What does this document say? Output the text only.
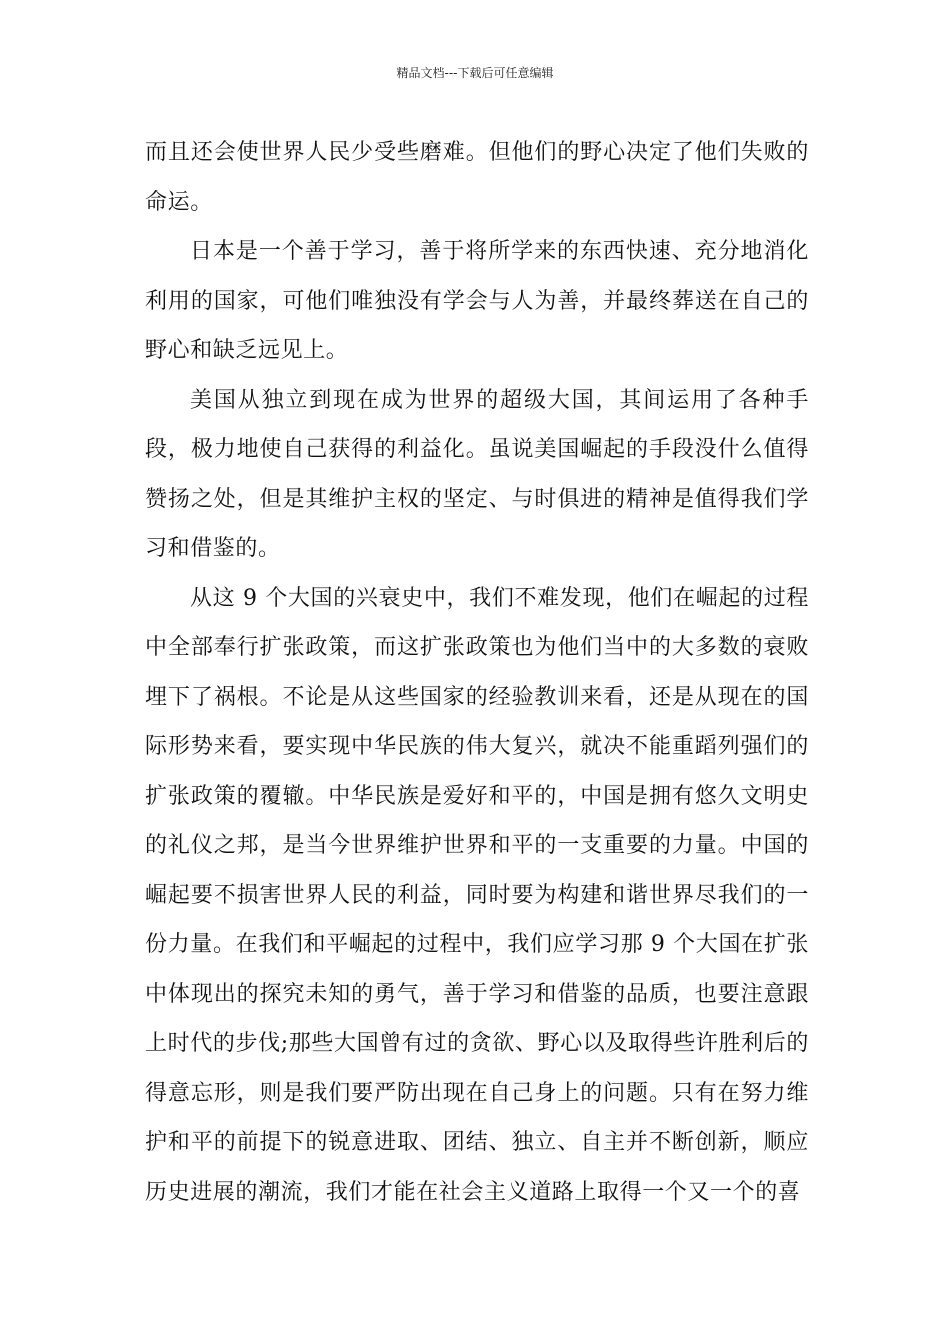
精品文档---下载后可任意编辑

而且还会使世界人民少受些磨难。但他们的野心决定了他们失败的命运。

日本是一个善于学习，善于将所学来的东西快速、充分地消化利用的国家，可他们唯独没有学会与人为善，并最终葬送在自己的野心和缺乏远见上。

美国从独立到现在成为世界的超级大国，其间运用了各种手段，极力地使自己获得的利益化。虽说美国崛起的手段没什么值得赞扬之处，但是其维护主权的坚定、与时俱进的精神是值得我们学习和借鉴的。

从这 9 个大国的兴衰史中，我们不难发现，他们在崛起的过程中全部奉行扩张政策，而这扩张政策也为他们当中的大多数的衰败埋下了祸根。不论是从这些国家的经验教训来看，还是从现在的国际形势来看，要实现中华民族的伟大复兴，就决不能重蹈列强们的扩张政策的覆辙。中华民族是爱好和平的，中国是拥有悠久文明史的礼仪之邦，是当今世界维护世界和平的一支重要的力量。中国的崛起要不损害世界人民的利益，同时要为构建和谐世界尽我们的一份力量。在我们和平崛起的过程中，我们应学习那 9 个大国在扩张中体现出的探究未知的勇气，善于学习和借鉴的品质，也要注意跟上时代的步伐;那些大国曾有过的贪欲、野心以及取得些许胜利后的得意忘形，则是我们要严防出现在自己身上的问题。只有在努力维护和平的前提下的锐意进取、团结、独立、自主并不断创新，顺应历史进展的潮流，我们才能在社会主义道路上取得一个又一个的喜
